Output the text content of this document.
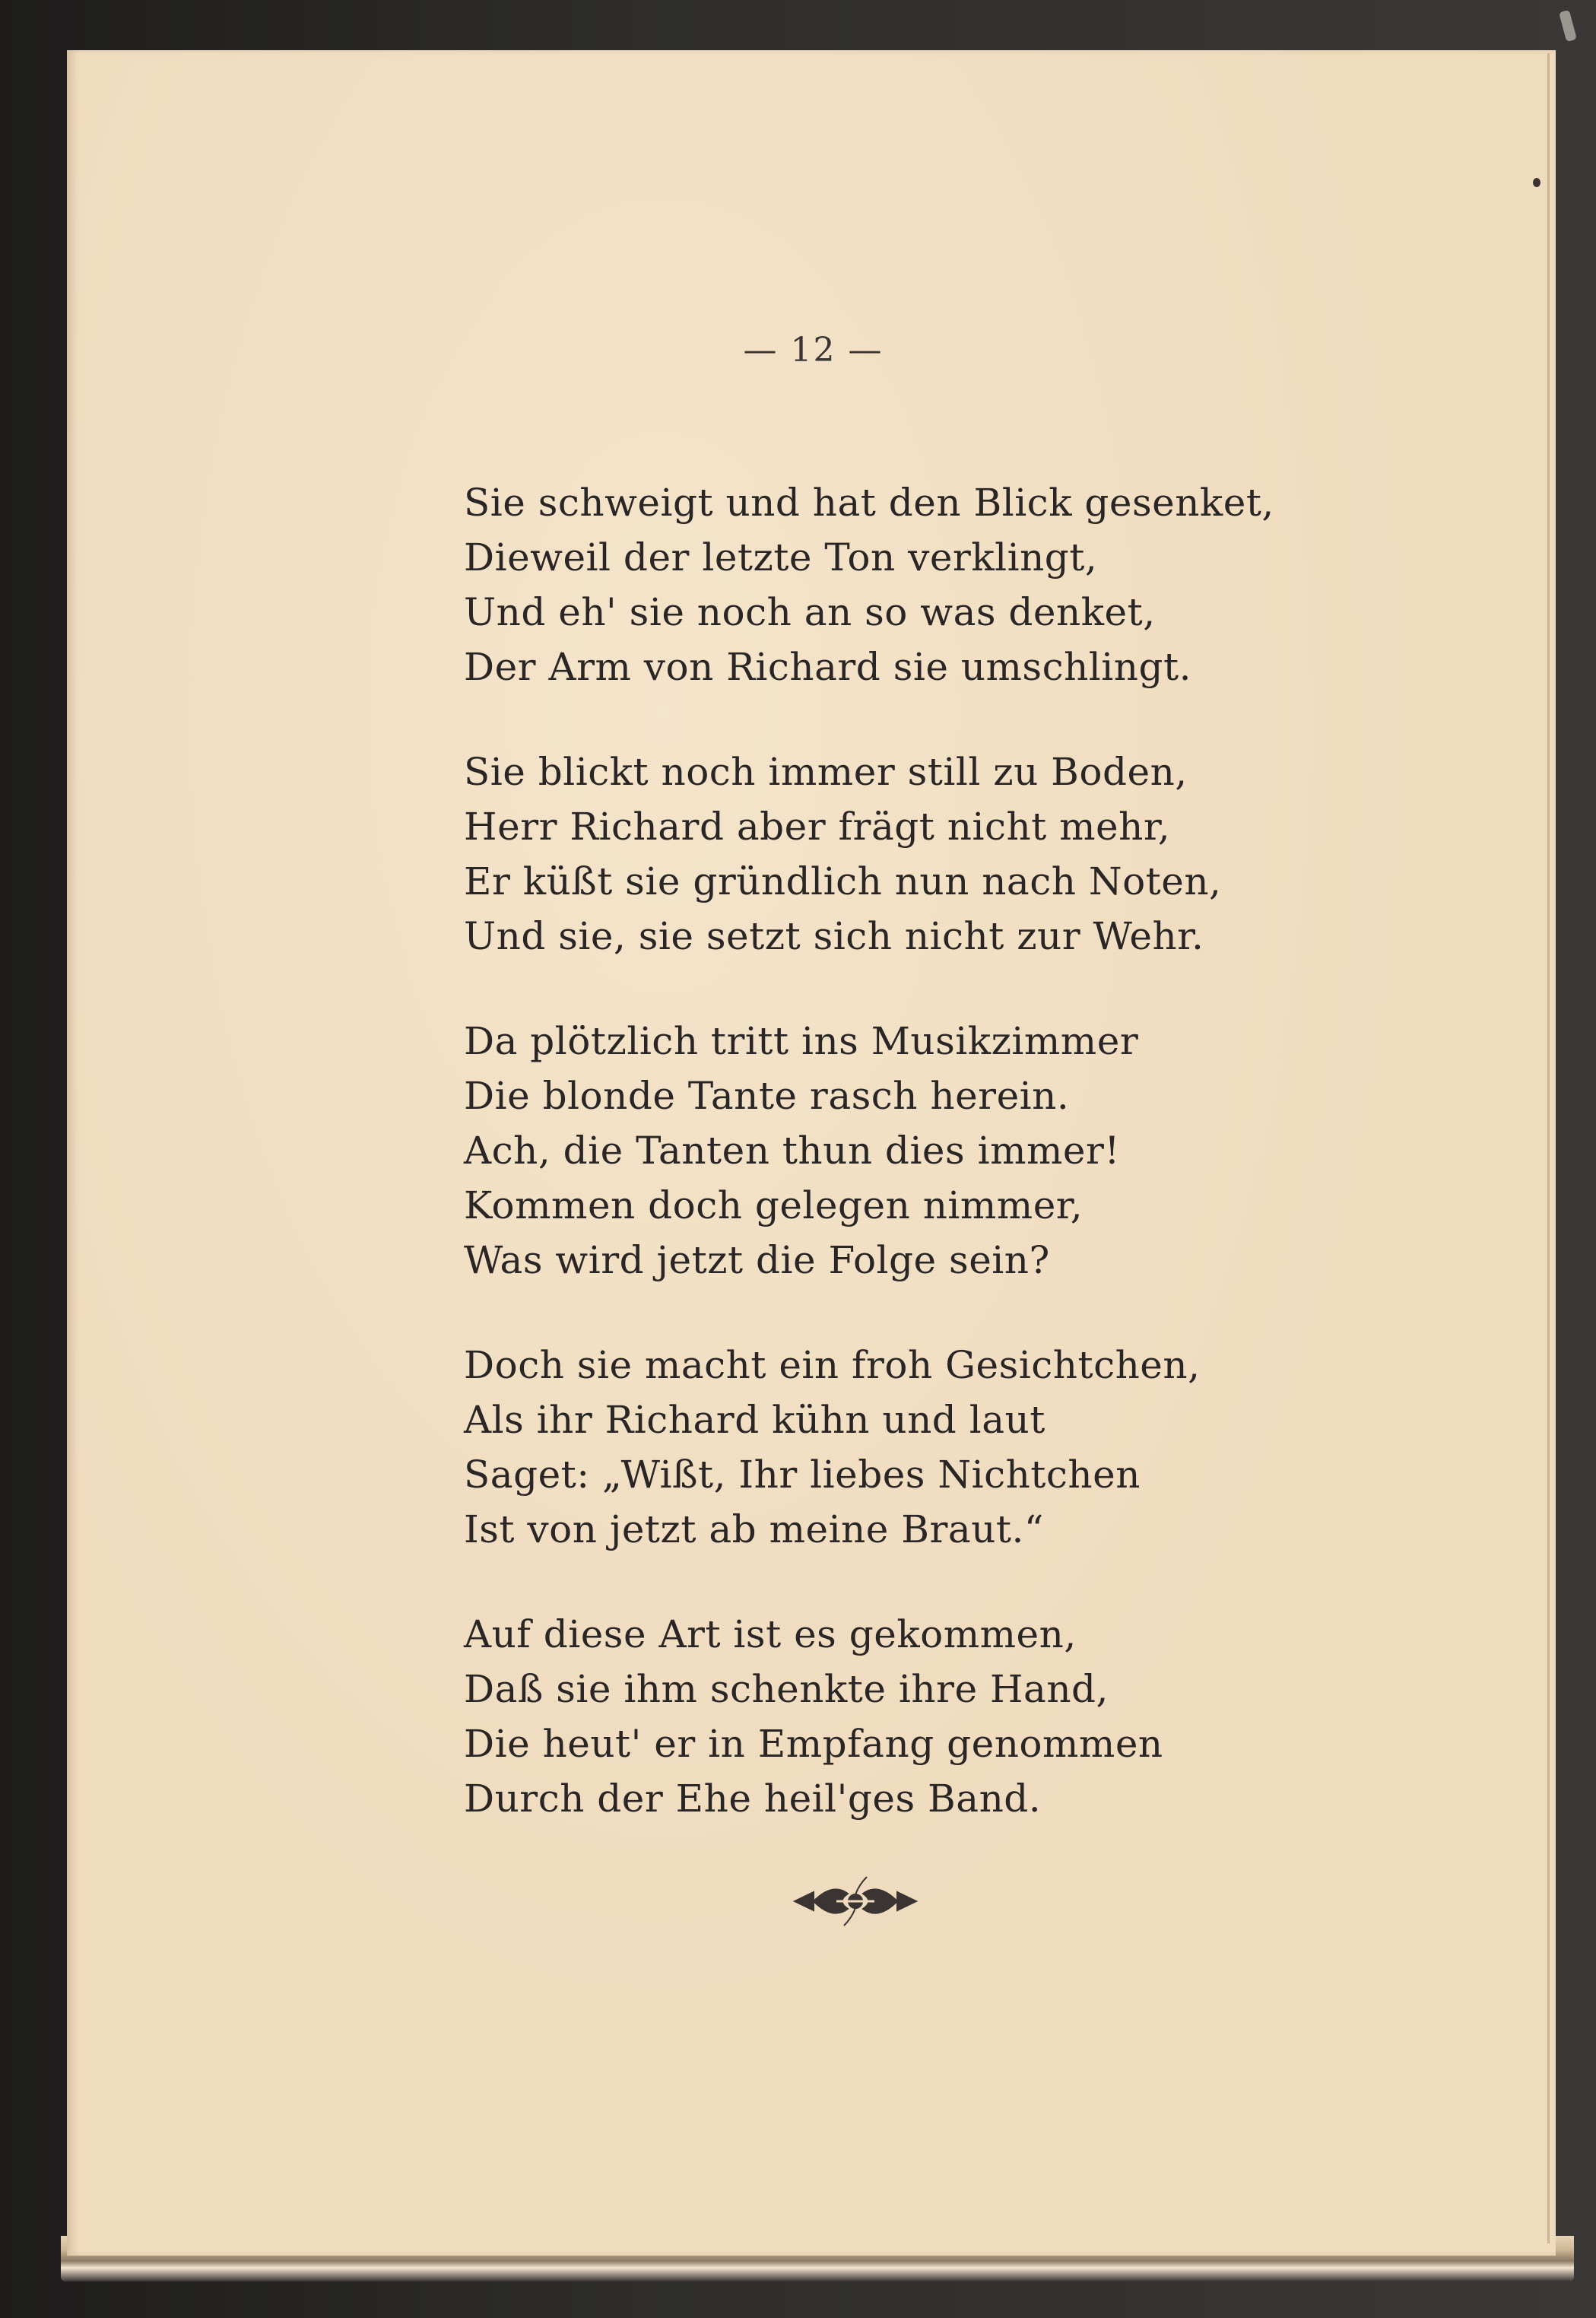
— 12 —
Sie schweigt und hat den Blick gesenket,
Dieweil der letzte Ton verklingt,
Und eh' sie noch an so was denket,
Der Arm von Richard sie umschlingt.
Sie blickt noch immer still zu Boden,
Herr Richard aber frägt nicht mehr,
Er küßt sie gründlich nun nach Noten,
Und sie, sie setzt sich nicht zur Wehr.
Da plötzlich tritt ins Musikzimmer
Die blonde Tante rasch herein.
Ach, die Tanten thun dies immer!
Kommen doch gelegen nimmer,
Was wird jetzt die Folge sein?
Doch sie macht ein froh Gesichtchen,
Als ihr Richard kühn und laut
Saget: „Wißt, Ihr liebes Nichtchen
Ist von jetzt ab meine Braut.“
Auf diese Art ist es gekommen,
Daß sie ihm schenkte ihre Hand,
Die heut' er in Empfang genommen
Durch der Ehe heil'ges Band.
